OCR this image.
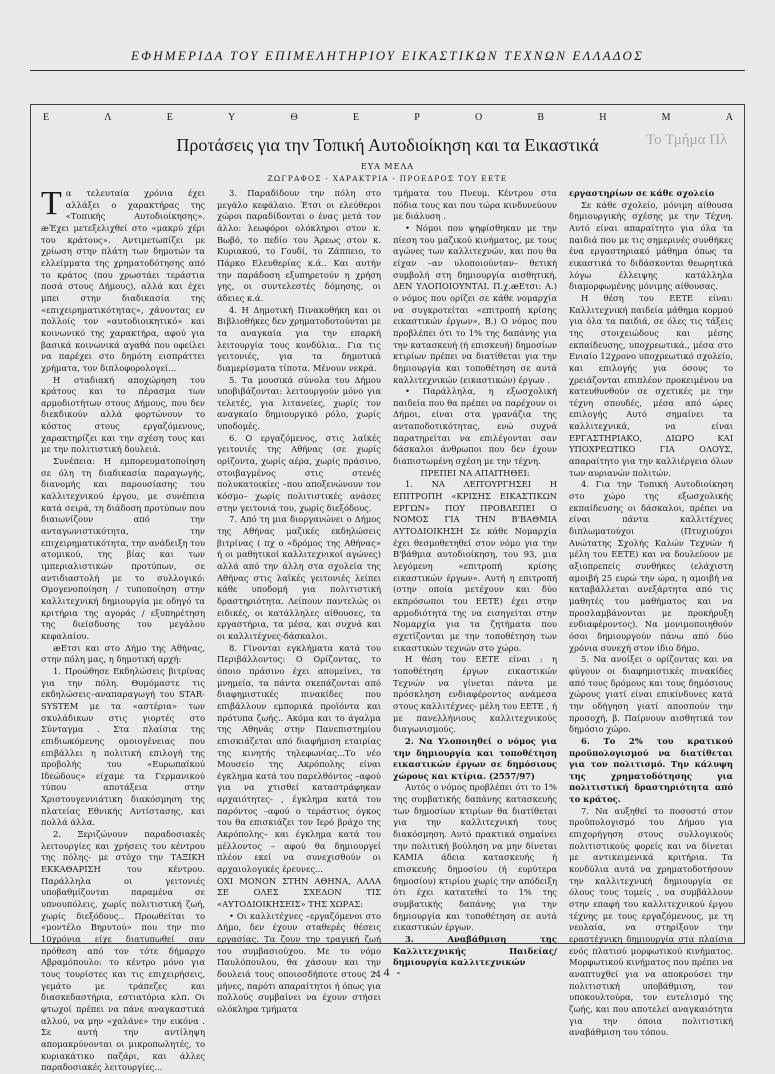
ΕΦΗΜΕΡΙΔΑ ΤΟΥ ΕΠΙΜΕΛΗΤΗΡΙΟΥ ΕΙΚΑΣΤΙΚΩΝ ΤΕΧΝΩΝ ΕΛΛΑΔΟΣ
Το Τμήμα Πλ
Ε	Λ	Ε	Υ	Θ	Ε	Ρ	Ο	Β	Η	Μ	Α
Προτάσεις για την Τοπική Αυτοδιοίκηση και τα Εικαστικά
ΕΥΑ ΜΕΛΑ
ΖΩΓΡΑΦΟΣ - ΧΑΡΑΚΤΡΙΑ - ΠΡΟΕΔΡΟΣ ΤΟΥ ΕΕΤΕ

Τα τελευταία χρόνια έχει αλλάξει ο χαρακτήρας της «Τοπικής Αυτοδιοίκησης». æΈχει μετεξελιχθεί στο «μακρύ χέρι του κράτους». Αντιμετωπίζει με χρίωση στην πλάτη των δημοτών τα ελλείμματα της χρηματοδότησης από το κράτος (που χρωστάει τεράστια ποσά στους Δήμους), αλλά και έχει μπει στην διαδικασία της «επιχειρηματικότητας», χάνοντας εν πολλοίς τον «αυτοδιοικητικό» και κοινωνικό της χαρακτήρα, αφού για βασικά κοινωνικά αγαθά που οφείλει να παρέχει στο δημότη εισπράττει χρήματα, τον διπλοφορολογεί...

Η σταδιακή αποχώρηση του κράτους και το πέρασμα των αρμοδιοτήτων στους Δήμους, που δεν διεκδικούν αλλά φορτώνουν το κόστος στους εργαζόμενους, χαρακτηρίζει και την σχέση τους και με την πολιτιστική δουλειά.

Συνέπεια: Η εμπορευματοποίηση σε όλη τη διαδικασία παραγωγής, διανομής και παρουσίασης του καλλιτεχνικού έργου, με συνέπεια κατά σειρά, τη διάδοση προτύπων που διαιωνίζουν από την ανταγωνιστικότητα, την επιχειρηματικότητα, την ανάδειξη του ατομικού, της βίας και των ιμπεριαλιστικών προτύπων, σε αντιδιαστολή με το συλλογικό: Ομογενοποίηση / τυποποίηση στην καλλιτεχνική δημιουργία με οδηγό τα κριτήρια της αγοράς / εξυπηρέτηση της διείσδυσης του μεγάλου κεφαλαίου.

æΕτσι και στο Δήμο της Αθήνας, στην πόλη μας, η δημοτική αρχή:

1. Προώθησε Εκδηλώσεις βιτρίνας για την πόλη. Θυμόμαστε τις εκδηλώσεις–αναπαραγωγή του STAR-SYSTEM με τα «αστέρια» των σκυλάδικων στις γιορτές στο Σύνταγμα . Στα πλαίσια της επιδιωκόμενης ομοιογένειας που επιβάλλει η πολιτική επιλογή της προβολής του «Ευρωπαϊκού Ιδεώδους» είχαμε τα Γερμανικού τύπου αποτάξεια στην Χριστουγεννιάτικη διακόσμηση της πλατείας Εθνικής Αντίστασης, και πολλά άλλα.

2. Ξεριζώνουν παραδοσιακές λειτουργίες και χρήσεις του κέντρου της πόλης- με στόχο την ΤΑΞΙΚΗ ΕΚΚΑΘΑΡΙΣΗ του κέντρου. Παράλληλα οι γειτονιές υποβαθμίζονται παραμένα σε υπνουπόλεις, χωρίς πολιτιστική ζωή, χωρίς διεξόδους.. Προωθείται το «μοντέλο Βηρυτού» που την πιο 10χρόνια είχε διατυπωθεί σαν πρόθεση από τον τότε δήμαρχο Αβραμόπουλο: το κέντρο μόνο για τους τουρίστες και τις επιχειρήσεις, γεμάτο με τράπεζες και διασκεδαστήρια, εστιατόρια κλπ. Οι φτωχοί πρέπει να πάνε αναγκαστικά αλλού, να μην «χαλάνε» την εικόνα . Σε αυτή την αντίληψη απομακρύνονται οι μικροπωλητές, το κυριακάτικο παζάρι, και άλλες παραδοσιακές λειτουργίες...

3. Παραδίδουν την πόλη στο μεγάλο κεφάλαιο. Έτσι οι ελεύθεροι χώροι παραδίδονται ο ένας μετά τον άλλο: λεωφόροι ολόκληροι στον κ. Βωβό, το πεδίο του Άρεως στον κ. Κυριακού, το Γουδί, το Ζάππειο, το Πάρκο Ελευθερίας κ.ά.. Και αυτήν την παράδοση εξυπηρετούν η χρήση γης, οι συντελεστές δόμησης, οι άδειες κ.ά.

4. Η Δημοτική Πινακοθήκη και οι Βιβλιοθήκες δεν χρηματοδοτούνται με τα αναγκαία για την επαρκή λειτουργία τους κονδύλια.. Για τις γειτονιές, για τα δημοτικά διαμερίσματα τίποτα. Μένουν νεκρά.

5. Τα μουσικά σύνολα του Δήμου υποβιβάζονται: λειτουργούν μόνο για τελετές, για λιτανείες, χωρίς τον αναγκαίο δημιουργικό ρόλο, χωρίς υποδομές.

6. Ο εργαζόμενος, στις λαϊκές γειτονιές της Αθήνας (σε χωρίς ορίζοντα, χωρίς αέρα, χωρίς πράσινο, στοιβαγμένος στις στενές πολυκατοικίες –που αποξενώνουν τον κόσμο– χωρίς πολιτιστικές ανάσες στην γειτονιά του, χωρίς διεξόδους.

7. Από τη μια διοργανώνει ο Δήμος της Αθήνας μαζικές εκδηλώσεις βιτρίνας ( πχ ο «δρόμος της Αθήνας» ή οι μαθητικοί καλλιτεχνικοί αγώνες) αλλά από την άλλη στα σχολεία της Αθήνας στις λαϊκές γειτονιές λείπει κάθε υποδομή για πολιτιστική δραστηριότητα. Λείπουν παντελώς οι ειδικές, οι κατάλληλες αίθουσες, τα εργαστήρια, τα μέσα, και συχνά και οι καλλιτέχνες-δάσκαλοι.

8. Γίνονται εγκλήματα κατά του Περιβάλλοντος: Ο Ορίζοντας, το όποιο πράσινο έχει απομείνει, τα μνημεία, τα πάντα σκεπάζονται από διαφημιστικές πινακίδες που επιβάλλουν εμπορικά προϊόντα και πρότυπα ζωής.. Ακόμα και το άγαλμα της Αθηνάς στην Πανεπιστημίου επισκιάζεται από διαφήμιση εταιρίας της κινητής τηλεφωνίας...Το νέο Μουσείο της Ακρόπολης είναι έγκλημα κατά του παρελθόντος –αφού για να χτισθεί καταστράφηκαν αρχαιότητες- , έγκλημα κατά του παρόντος –αφού ο τεράστιος όγκος του θα επισκιάζει τον Ιερό βράχο της Ακρόπολης– και έγκλημα κατά του μέλλοντος – αφού θα δημιουργεί πλέον εκεί να συνεχισθούν οι αρχαιολογικές έρευνες...

ΟΧΙ ΜΟΝΟΝ ΣΤΗΝ ΑΘΗΝΑ, ΑΛΛΑ ΣΕ ΟΛΕΣ ΣΧΕΔΟΝ ΤΙΣ «ΑΥΤΟΔΙΟΙΚΗΣΕΙΣ» ΤΗΣ ΧΩΡΑΣ:

• Οι καλλιτέχνες –εργαζόμενοι στο Δήμο, δεν έχουν σταθερές θέσεις εργασίας. Τα ζουν την τραγική ζωή του συμβασιούχου. Με το νόμο Παυλόπουλου, θα χάσουν και την δουλειά τους οποιοσδήποτε στους 24 μήνες, παρότι απαραίτητοι ή όπως για πολλούς συμβαίνει να έχουν στήσει ολόκληρα τμήματα

τμήματα του Πνευμ. Κέντρου στα πόδια τους και που τώρα κινδυνεύουν με διάλυση .

• Νόμοι που ψηφίσθηκαν με την πίεση του μαζικού κινήματος, με τους αγώνες των καλλιτεχνών, και που θα είχαν –αν υλοποιούνταν– θετική συμβολή στη δημιουργία αισθητική, ΔΕΝ ΥΛΟΠΟΙΟΥΝΤΑΙ. Π.χ.æΕτσι: Α.) ο νόμος που ορίζει σε κάθε νομαρχία να συγκροτείται «επιτροπή κρίσης εικαστικών έργων», Β.) Ο νόμος που προβλέπει ότι το 1% της δαπάνης για την κατασκευή (ή επισκευή) δημοσίων κτιρίων πρέπει να διατίθεται για την δημιουργία και τοποθέτηση σε αυτά καλλιτεχνικών (εικαστικών) έργων .

• Παράλληλα, η εξωσχολική παιδεία που θα πρέπει να παρέχουν οι Δήμοι, είναι στα γρανάζια της ανταποδοτικότητας, ενώ συχνά παρατηρείται να επιλέγονται σαν δάσκαλοι άνθρωποι που δεν έχουν διαπιστωμένη σχέση με την τέχνη.

ΠΡΕΠΕΙ ΝΑ ΑΠΑΙΤΗΘΕΙ:

1. ΝΑ ΛΕΙΤΟΥΡΓΗΣΕΙ Η ΕΠΙΤΡΟΠΗ «ΚΡΙΣΗΣ ΕΙΚΑΣΤΙΚΩΝ ΕΡΓΩΝ» ΠΟΥ ΠΡΟΒΛΕΠΕΙ Ο ΝΟΜΟΣ ΓΙΑ ΤΗΝ Β'ΒΑΘΜΙΑ ΑΥΤΟΔΙΟΙΚΗΣΗ Σε κάθε Νομαρχία έχει θεσμοθετηθεί στον νόμο για την Β'βάθμια αυτοδιοίκηση, του 93, μια λεγόμενη «επιτροπή κρίσης εικαστικών έργων». Αυτή η επιτροπή (στην οποία μετέχουν και δύο εκπρόσωποι του ΕΕΤΕ) έχει στην αρμοδιότητά της να εισηγείται στην Νομαρχία για τα ζητήματα που σχετίζονται με την τοποθέτηση των εικαστικών τεχνών στο χώρο.

Η θέση του ΕΕΤΕ είναι : η τοποθέτηση έργων εικαστικών Τεχνών να γίνεται πάντα με πρόσκληση ενδιαφέροντος ανάμεσα στους καλλιτέχνες- μέλη του ΕΕΤΕ , ή με πανελλήνιους καλλιτεχνικούς διαγωνισμούς.

2. Να Υλοποιηθεί ο νόμος για την δημιουργία και τοποθέτηση εικαστικών έργων σε δημόσιους χώρους και κτίρια. (2557/97)

Αυτός ο νόμος προβλέπει ότι το 1% της συμβατικής δαπάνης κατασκευής των δημοσίων κτιρίων θα διατίθεται για την καλλιτεχνική τους διακόσμηση. Αυτό πρακτικά σημαίνει την πολιτική βούληση να μην δίνεται ΚΑΜΙΑ άδεια κατασκευής ή επισκευής δημοσίου (ή ευρύτερα δημοσίου) κτιρίου χωρίς την απόδειξη ότι έχει κατατεθεί το 1% της συμβατικής δαπάνης για την δημιουργία και τοποθέτηση σε αυτά εικαστικών έργων.

3. Αναβάθμιση της Καλλιτεχνικής Παιδείας/δημιουργία καλλιτεχνικών

εργαστηρίων σε κάθε σχολείο

Σε κάθε σχολείο, μόνιμη αίθουσα δημιουργικής σχέσης με την Τέχνη. Αυτό είναι απαραίτητο για όλα τα παιδιά που με τις σημερινές συνθήκες ένα εργαστηριακό μάθημα όπως τα εικαστικά το διδάσκονται θεωρητικά λόγω έλλειψης κατάλληλα διαμορφωμένης μόνιμης αίθουσας.

Η θέση του ΕΕΤΕ είναι: Καλλιτεχνική παιδεία μάθημα κορμού για όλα τα παιδιά, σε όλες τις τάξεις της στοιχειώδους και μέσης εκπαίδευσης, υποχρεωτικά., μέσα στο Ενιαίο 12χρονο υποχρεωτικό σχολείο, και επιλογής για όσους το χρειάζονται επιπλέον προκειμένου να κατευθυνθούν σε σχετικές με την τέχνη σπουδές, μέσα από ώρες επιλογής Αυτό σημαίνει τα καλλιτεχνικά, να είναι ΕΡΓΑΣΤΗΡΙΑΚΟ, ΔΙΩΡΟ ΚΑΙ ΥΠΟΧΡΕΩΤΙΚΟ ΓΙΑ ΟΛΟΥΣ, απαραίτητο για την καλλιέργεια όλων των αυριανών πολιτών.

4. Για την Τοπική Αυτοδιοίκηση στο χώρο της εξωσχολικής εκπαίδευσης οι δάσκαλοι, πρέπει να είναι πάντα καλλιτέχνες διπλωματούχοι (Πτυχιούχοι Ανώτατης Σχολής Καλών Τεχνών ή μέλη του ΕΕΤΕ) και να δουλεύουν με αξιοπρεπείς συνθήκες (ελάχιστη αμοιβή 25 ευρώ την ώρα, η αμοιβή να καταβάλλεται ανεξάρτητα από τις μαθητές του μαθήματος και να προσλαμβάνονται με προκήρυξη ενδιαφέροντος). Να μονιμοποιηθούν όσοι δημιουργούν πάνω από δύο χρόνια συνεχή στον ίδιο δήμο.

5. Να ανοίξει ο ορίζοντας και να φύγουν οι διαφημιστικές πινακίδες από τους δρόμους και τους δημόσιους χώρους γιατί είναι επικίνδυνες κατά την οδήγηση γιατί αποσπούν την προσοχή, β. Παίρνουν αισθητικά τον δημόσιο χώρο.

6. Το 2% του κρατικού προϋπολογισμού να διατίθεται για τον πολιτισμό. Την κάλυψη της χρηματοδότησης για πολιτιστική δραστηριότητα από το κράτος.

7. Να αυξηθεί το ποσοστό στον προϋπολογισμό του Δήμου για επιχορήγηση στους συλλογικούς πολιτιστικούς φορείς και να δίνεται με αντικειμενικά κριτήρια. Τα κονδύλια αυτά να χρηματοδοτήσουν την καλλιτεχνική δημιουργία σε όλους τους τομείς , να συμβάλλουν στην επαφή του καλλιτεχνικού έργου τέχνης με τους εργαζόμενους, με τη νεολαία, να στηρίξουν την εραστέχνικη δημιουργία στα πλαίσια ενός πλατιού μορφωτικού κινήματος. Μορφωτικού κινήματος που πρέπει να αναπτυχθεί για να αποκρούσει την πολιτιστική υποβάθμιση, τον υποκουλτούρα, τον ευτελισμό της ζωής, και που αποτελεί αναγκαιότητα για την όποια πολιτιστική αναβάθμιση του τόπου.

- 4 -
